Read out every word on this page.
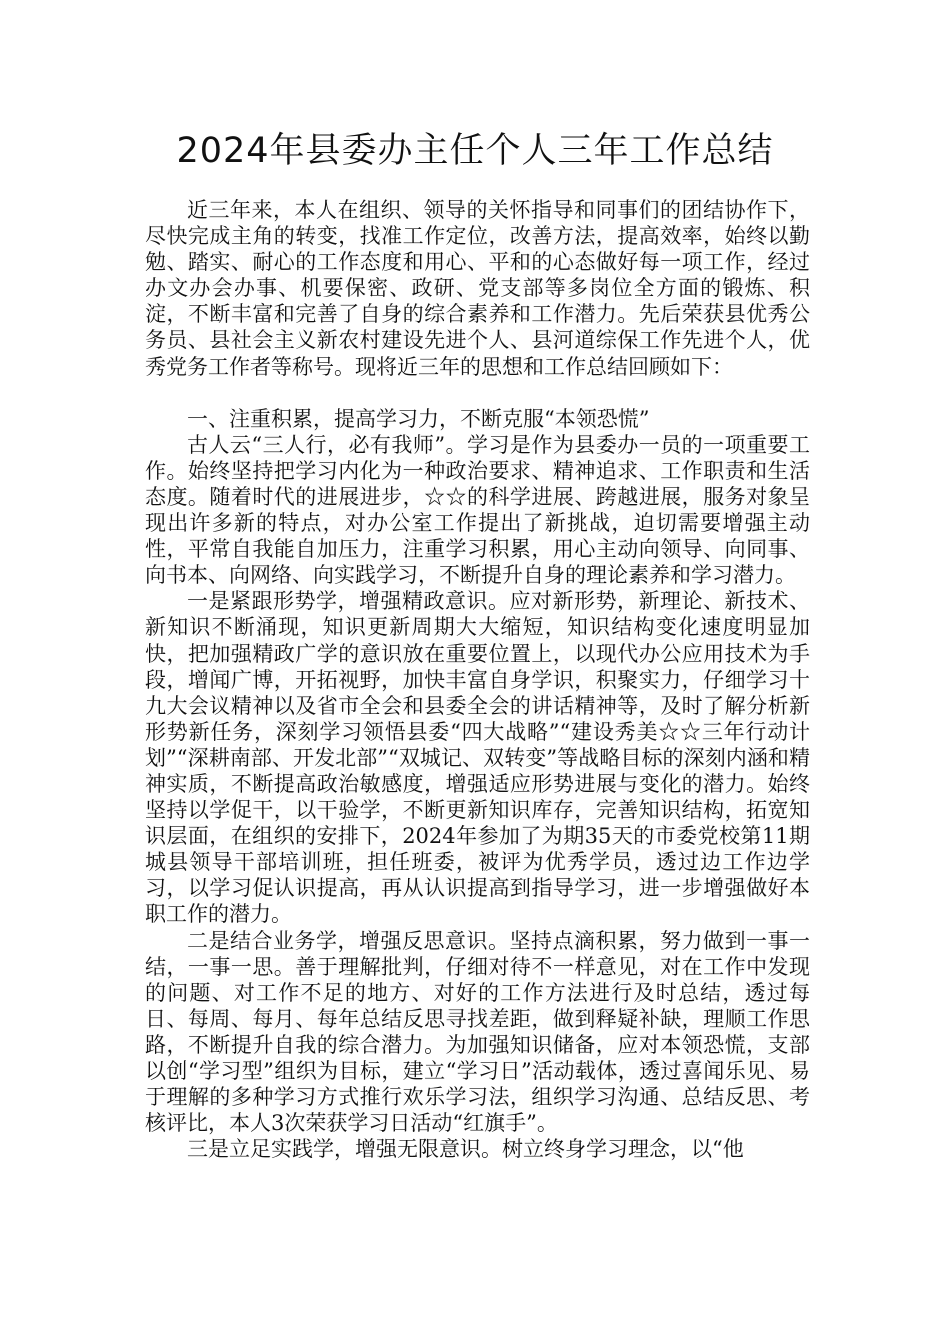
2024年县委办主任个人三年工作总结

近三年来，本人在组织、领导的关怀指导和同事们的团结协作下，尽快完成主角的转变，找准工作定位，改善方法，提高效率，始终以勤勉、踏实、耐心的工作态度和用心、平和的心态做好每一项工作，经过办文办会办事、机要保密、政研、党支部等多岗位全方面的锻炼、积淀，不断丰富和完善了自身的综合素养和工作潜力。先后荣获县优秀公务员、县社会主义新农村建设先进个人、县河道综保工作先进个人，优秀党务工作者等称号。现将近三年的思想和工作总结回顾如下：

一、注重积累，提高学习力，不断克服“本领恐慌”

古人云“三人行，必有我师”。学习是作为县委办一员的一项重要工作。始终坚持把学习内化为一种政治要求、精神追求、工作职责和生活态度。随着时代的进展进步，☆☆的科学进展、跨越进展，服务对象呈现出许多新的特点，对办公室工作提出了新挑战，迫切需要增强主动性，平常自我能自加压力，注重学习积累，用心主动向领导、向同事、向书本、向网络、向实践学习，不断提升自身的理论素养和学习潜力。

一是紧跟形势学，增强精政意识。应对新形势，新理论、新技术、新知识不断涌现，知识更新周期大大缩短，知识结构变化速度明显加快，把加强精政广学的意识放在重要位置上，以现代办公应用技术为手段，增闻广博，开拓视野，加快丰富自身学识，积聚实力，仔细学习十九大会议精神以及省市全会和县委全会的讲话精神等，及时了解分析新形势新任务，深刻学习领悟县委“四大战略”“建设秀美☆☆三年行动计划”“深耕南部、开发北部”“双城记、双转变”等战略目标的深刻内涵和精神实质，不断提高政治敏感度，增强适应形势进展与变化的潜力。始终坚持以学促干，以干验学，不断更新知识库存，完善知识结构，拓宽知识层面，在组织的安排下，2024年参加了为期35天的市委党校第11期城县领导干部培训班，担任班委，被评为优秀学员，透过边工作边学习，以学习促认识提高，再从认识提高到指导学习，进一步增强做好本职工作的潜力。

二是结合业务学，增强反思意识。坚持点滴积累，努力做到一事一结，一事一思。善于理解批判，仔细对待不一样意见，对在工作中发现的问题、对工作不足的地方、对好的工作方法进行及时总结，透过每日、每周、每月、每年总结反思寻找差距，做到释疑补缺，理顺工作思路，不断提升自我的综合潜力。为加强知识储备，应对本领恐慌，支部以创“学习型”组织为目标，建立“学习日”活动载体，透过喜闻乐见、易于理解的多种学习方式推行欢乐学习法，组织学习沟通、总结反思、考核评比，本人3次荣获学习日活动“红旗手”。

三是立足实践学，增强无限意识。树立终身学习理念，以“他
